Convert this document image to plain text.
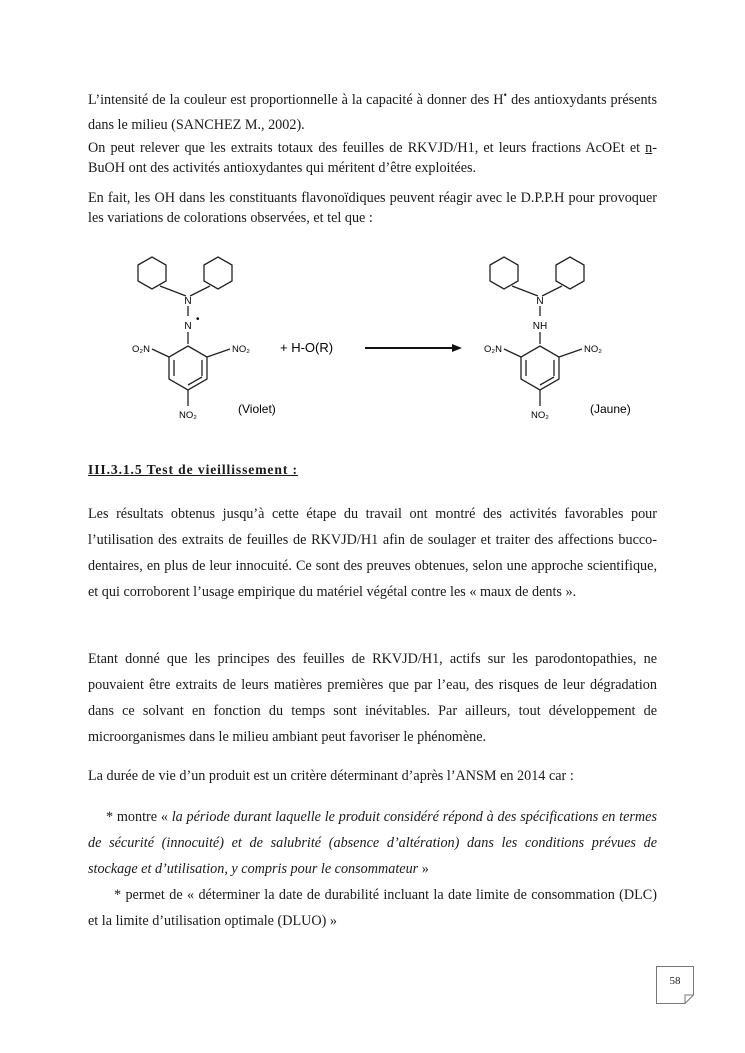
L’intensité de la couleur est proportionnelle à la capacité à donner des H• des antioxydants présents dans le milieu (SANCHEZ M., 2002).

On peut relever que les extraits totaux des feuilles de RKVJD/H1, et leurs fractions AcOEt et n-BuOH ont des activités antioxydantes qui méritent d’être exploitées.

En fait, les OH dans les constituants flavonoïdiques peuvent réagir avec le D.P.P.H pour provoquer les variations de colorations observées, et tel que :

N
N
•
O₂N	NO₂
NO₂	(Violet)
+ H-O(R)
N
NH
O₂N	NO₂
NO₂	(Jaune)
III.3.1.5 Test de vieillissement :

Les résultats obtenus jusqu’à cette étape du travail ont montré des activités favorables pour l’utilisation des extraits de feuilles de RKVJD/H1 afin de soulager et traiter des affections bucco-dentaires, en plus de leur innocuité. Ce sont des preuves obtenues, selon une approche scientifique, et qui corroborent l’usage empirique du matériel végétal contre les « maux de dents ».

Etant donné que les principes des feuilles de RKVJD/H1, actifs sur les parodontopathies, ne pouvaient être extraits de leurs matières premières que par l’eau, des risques de leur dégradation dans ce solvant en fonction du temps sont inévitables. Par ailleurs, tout développement de microorganismes dans le milieu ambiant peut favoriser le phénomène.

La durée de vie d’un produit est un critère déterminant d’après l’ANSM en 2014 car :

* montre « la période durant laquelle le produit considéré répond à des spécifications en termes de sécurité (innocuité) et de salubrité (absence d’altération) dans les conditions prévues de stockage et d’utilisation, y compris pour le consommateur »

* permet de « déterminer la date de durabilité incluant la date limite de consommation (DLC) et la limite d’utilisation optimale (DLUO) »

58
